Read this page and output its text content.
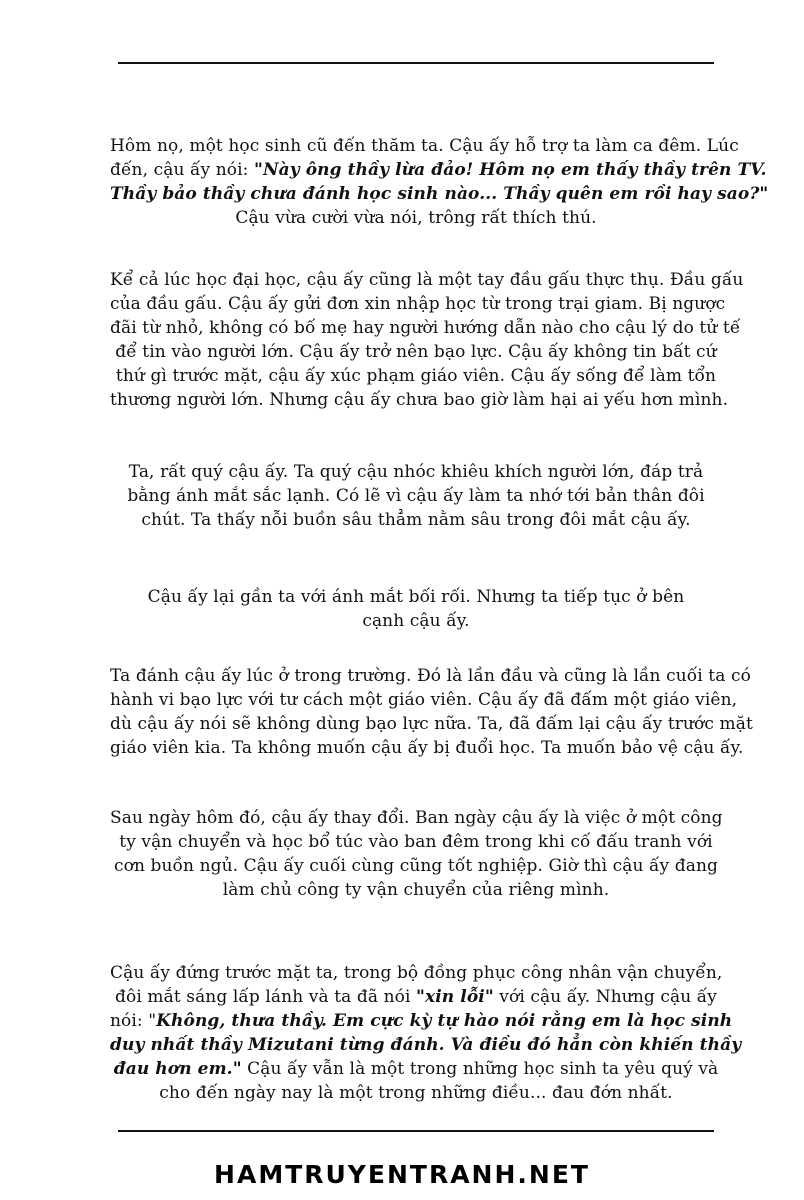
Hôm nọ, một học sinh cũ đến thăm ta. Cậu ấy hỗ trợ ta làm ca đêm. Lúc
đến, cậu ấy nói: "Này ông thầy lừa đảo! Hôm nọ em thấy thầy trên TV.
Thầy bảo thầy chưa đánh học sinh nào... Thầy quên em rồi hay sao?"
Cậu vừa cười vừa nói, trông rất thích thú.
Kể cả lúc học đại học, cậu ấy cũng là một tay đầu gấu thực thụ. Đầu gấu
của đầu gấu. Cậu ấy gửi đơn xin nhập học từ trong trại giam. Bị ngược
đãi từ nhỏ, không có bố mẹ hay người hướng dẫn nào cho cậu lý do tử tế
để tin vào người lớn. Cậu ấy trở nên bạo lực. Cậu ấy không tin bất cứ
thứ gì trước mặt, cậu ấy xúc phạm giáo viên. Cậu ấy sống để làm tổn
thương người lớn. Nhưng cậu ấy chưa bao giờ làm hại ai yếu hơn mình.
Ta, rất quý cậu ấy. Ta quý cậu nhóc khiêu khích người lớn, đáp trả
bằng ánh mắt sắc lạnh. Có lẽ vì cậu ấy làm ta nhớ tới bản thân đôi
chút. Ta thấy nỗi buồn sâu thẳm nằm sâu trong đôi mắt cậu ấy.
Cậu ấy lại gần ta với ánh mắt bối rối. Nhưng ta tiếp tục ở bên
cạnh cậu ấy.
Ta đánh cậu ấy lúc ở trong trường. Đó là lần đầu và cũng là lần cuối ta có
hành vi bạo lực với tư cách một giáo viên. Cậu ấy đã đấm một giáo viên,
dù cậu ấy nói sẽ không dùng bạo lực nữa. Ta, đã đấm lại cậu ấy trước mặt
giáo viên kia. Ta không muốn cậu ấy bị đuổi học. Ta muốn bảo vệ cậu ấy.
Sau ngày hôm đó, cậu ấy thay đổi. Ban ngày cậu ấy là việc ở một công
ty vận chuyển và học bổ túc vào ban đêm trong khi cố đấu tranh với
cơn buồn ngủ. Cậu ấy cuối cùng cũng tốt nghiệp. Giờ thì cậu ấy đang
làm chủ công ty vận chuyển của riêng mình.
Cậu ấy đứng trước mặt ta, trong bộ đồng phục công nhân vận chuyển,
đôi mắt sáng lấp lánh và ta đã nói "xin lỗi" với cậu ấy. Nhưng cậu ấy
nói: "Không, thưa thầy. Em cực kỳ tự hào nói rằng em là học sinh
duy nhất thầy Mizutani từng đánh. Và điều đó hẳn còn khiến thầy
đau hơn em." Cậu ấy vẫn là một trong những học sinh ta yêu quý và
cho đến ngày nay là một trong những điều... đau đớn nhất.
HAMTRUYENTRANH.NET
